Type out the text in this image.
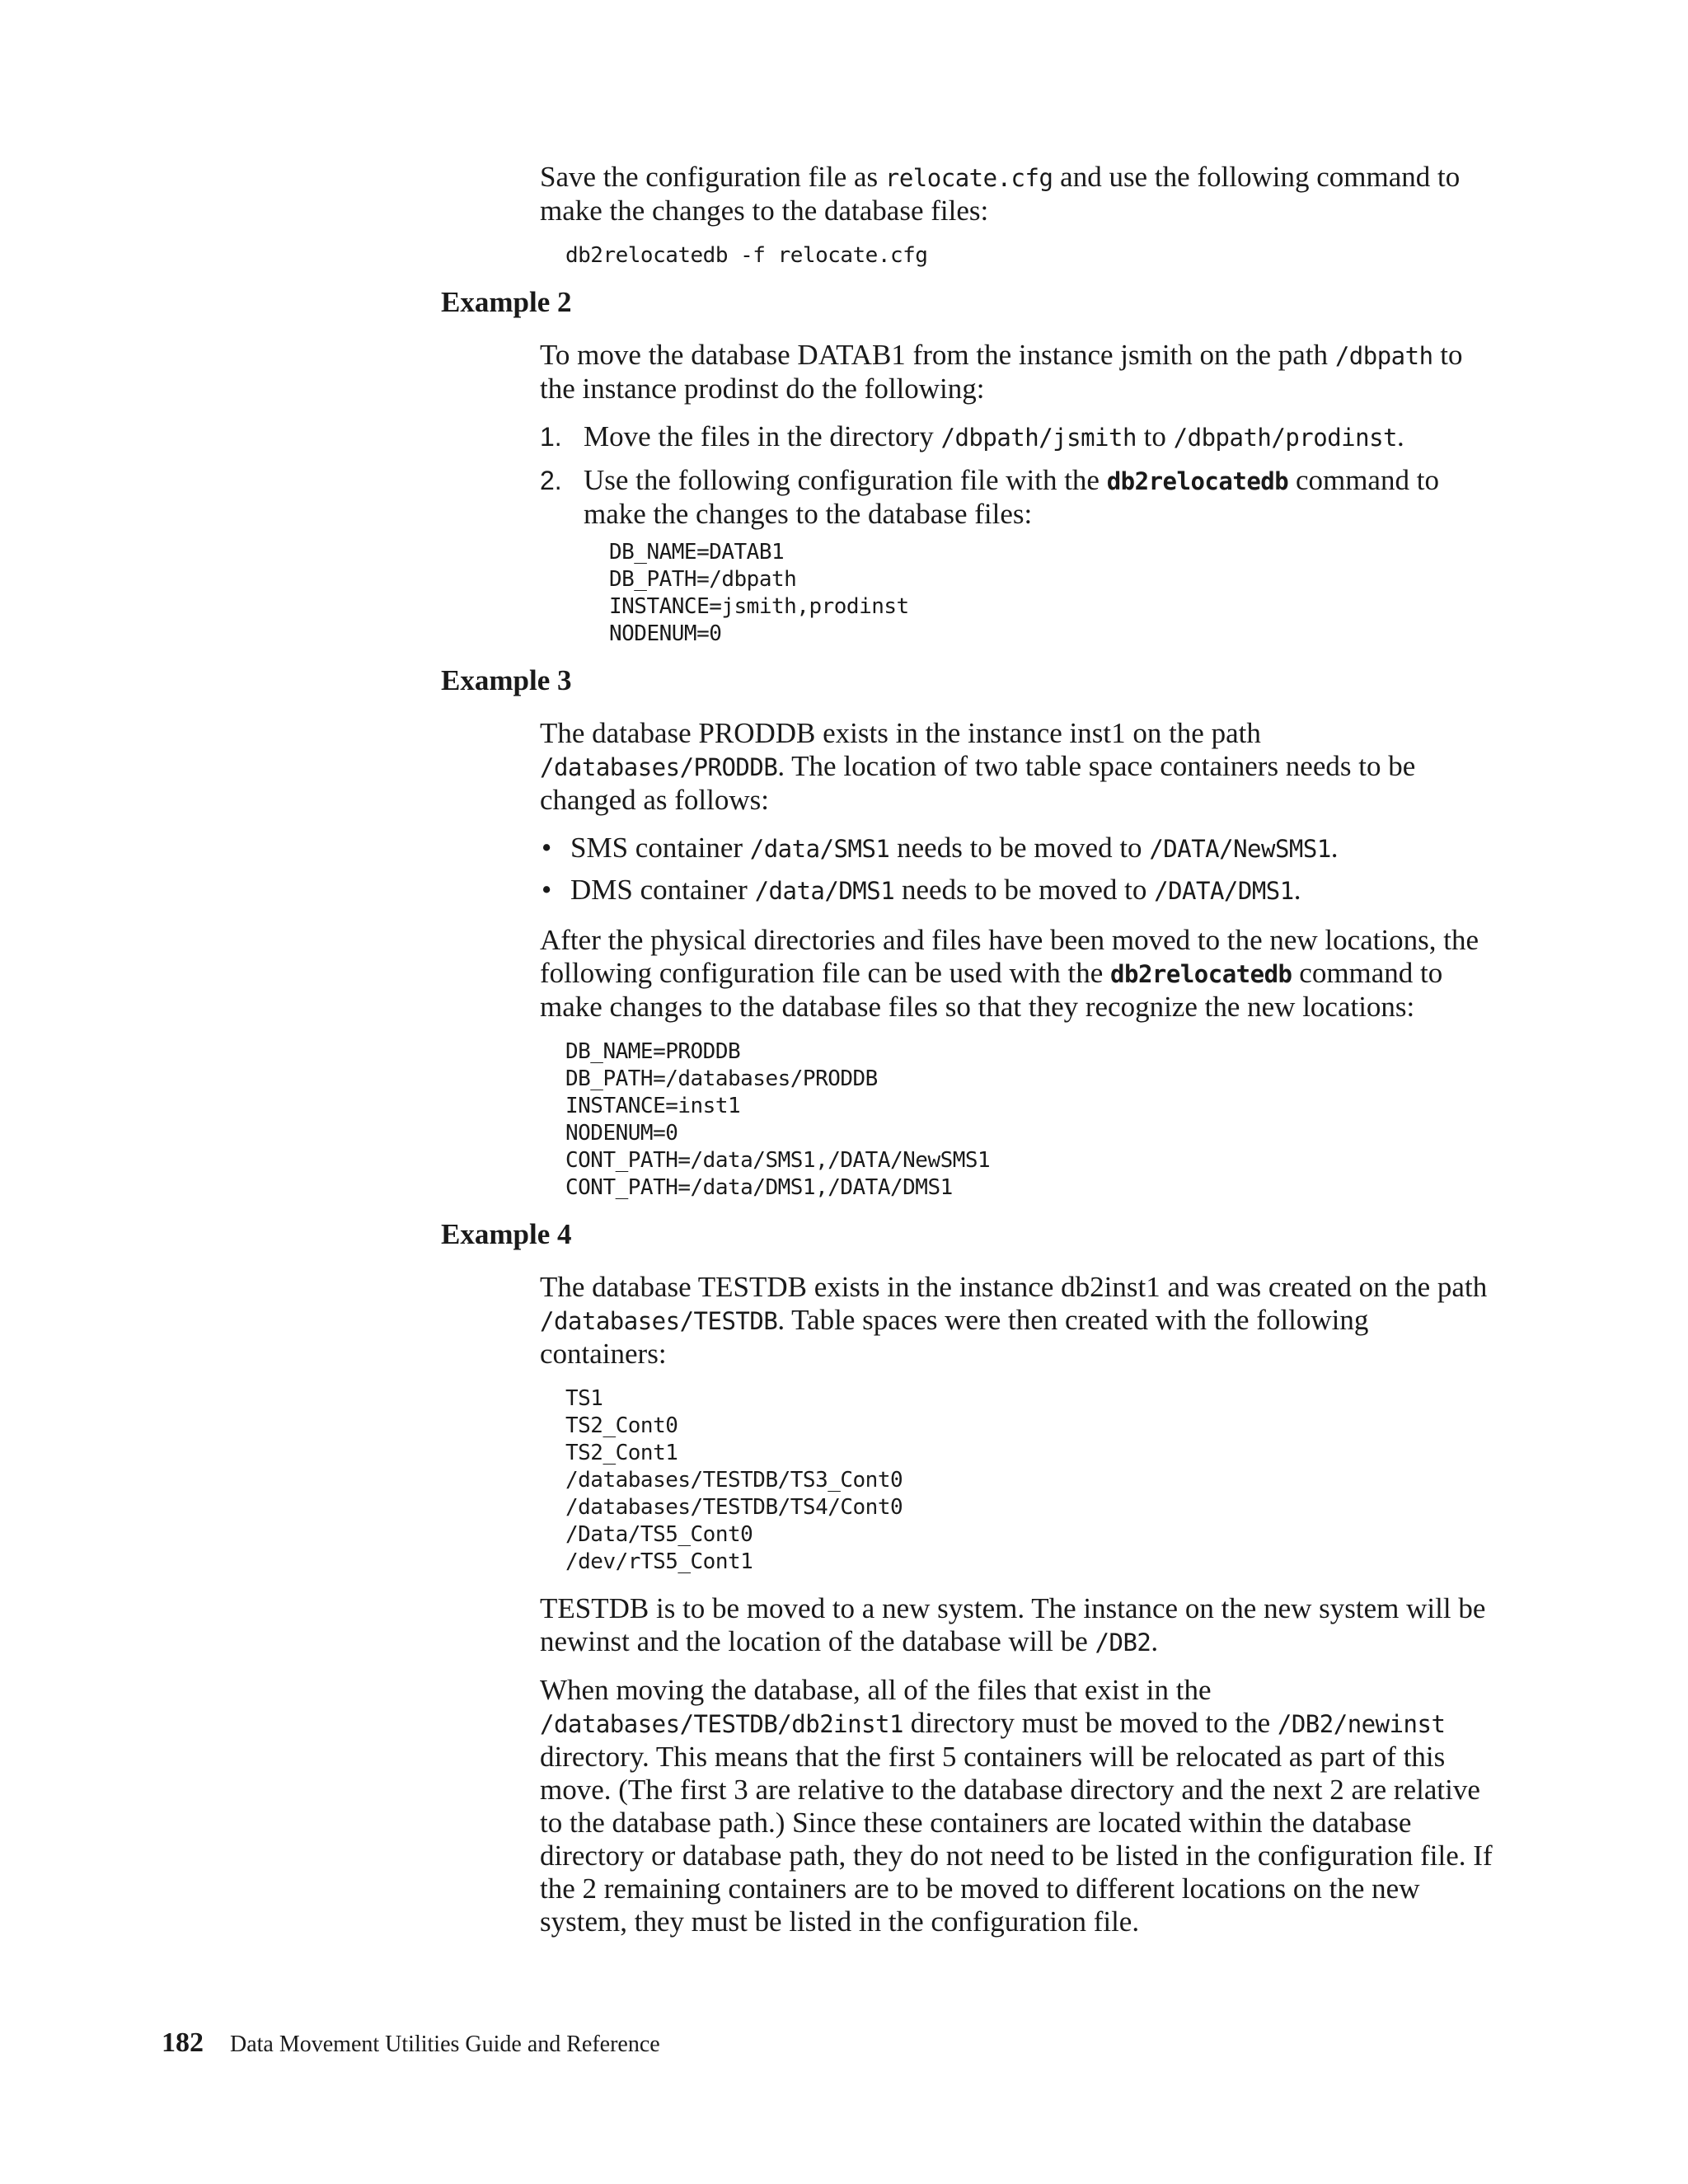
Save the configuration file as relocate.cfg and use the following command to make the changes to the database files:

db2relocatedb -f relocate.cfg
Example 2

To move the database DATAB1 from the instance jsmith on the path /dbpath to the instance prodinst do the following:

1. Move the files in the directory /dbpath/jsmith to /dbpath/prodinst.
2. Use the following configuration file with the db2relocatedb command to make the changes to the database files:
DB_NAME=DATAB1
DB_PATH=/dbpath
INSTANCE=jsmith,prodinst
NODENUM=0
Example 3

The database PRODDB exists in the instance inst1 on the path /databases/PRODDB. The location of two table space containers needs to be changed as follows:

• SMS container /data/SMS1 needs to be moved to /DATA/NewSMS1.
• DMS container /data/DMS1 needs to be moved to /DATA/DMS1.

After the physical directories and files have been moved to the new locations, the following configuration file can be used with the db2relocatedb command to make changes to the database files so that they recognize the new locations:

DB_NAME=PRODDB
DB_PATH=/databases/PRODDB
INSTANCE=inst1
NODENUM=0
CONT_PATH=/data/SMS1,/DATA/NewSMS1
CONT_PATH=/data/DMS1,/DATA/DMS1
Example 4

The database TESTDB exists in the instance db2inst1 and was created on the path /databases/TESTDB. Table spaces were then created with the following containers:

TS1
TS2_Cont0
TS2_Cont1
/databases/TESTDB/TS3_Cont0
/databases/TESTDB/TS4/Cont0
/Data/TS5_Cont0
/dev/rTS5_Cont1

TESTDB is to be moved to a new system. The instance on the new system will be newinst and the location of the database will be /DB2.

When moving the database, all of the files that exist in the /databases/TESTDB/db2inst1 directory must be moved to the /DB2/newinst directory. This means that the first 5 containers will be relocated as part of this move. (The first 3 are relative to the database directory and the next 2 are relative to the database path.) Since these containers are located within the database directory or database path, they do not need to be listed in the configuration file. If the 2 remaining containers are to be moved to different locations on the new system, they must be listed in the configuration file.

182 Data Movement Utilities Guide and Reference
